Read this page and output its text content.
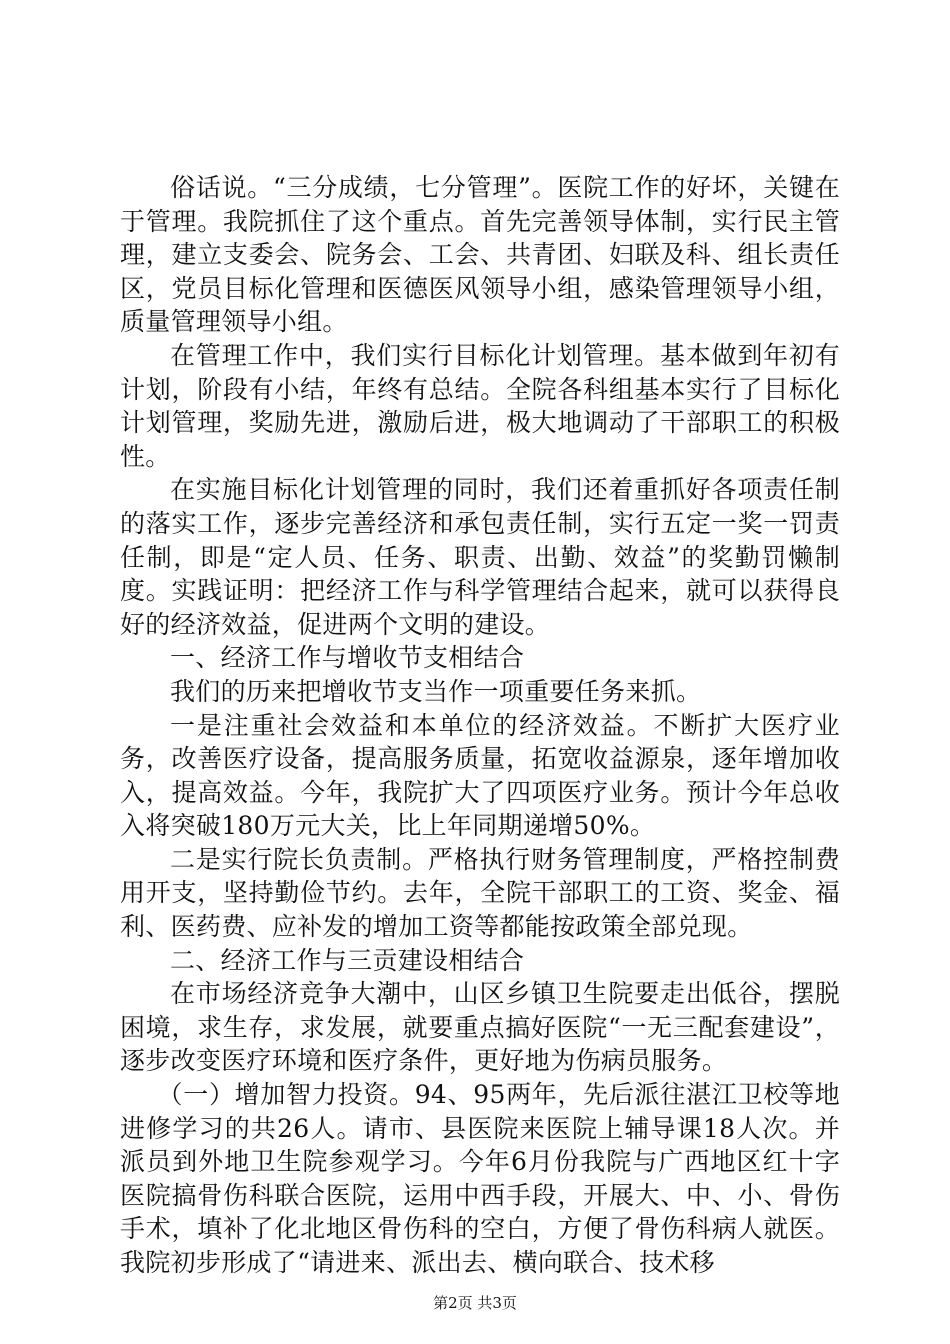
俗话说。“三分成绩，七分管理”。医院工作的好坏，关键在于管理。我院抓住了这个重点。首先完善领导体制，实行民主管理，建立支委会、院务会、工会、共青团、妇联及科、组长责任区，党员目标化管理和医德医风领导小组，感染管理领导小组，质量管理领导小组。

在管理工作中，我们实行目标化计划管理。基本做到年初有计划，阶段有小结，年终有总结。全院各科组基本实行了目标化计划管理，奖励先进，激励后进，极大地调动了干部职工的积极性。

在实施目标化计划管理的同时，我们还着重抓好各项责任制的落实工作，逐步完善经济和承包责任制，实行五定一奖一罚责任制，即是“定人员、任务、职责、出勤、效益”的奖勤罚懒制度。实践证明：把经济工作与科学管理结合起来，就可以获得良好的经济效益，促进两个文明的建设。

一、经济工作与增收节支相结合

我们的历来把增收节支当作一项重要任务来抓。

一是注重社会效益和本单位的经济效益。不断扩大医疗业务，改善医疗设备，提高服务质量，拓宽收益源泉，逐年增加收入，提高效益。今年，我院扩大了四项医疗业务。预计今年总收入将突破180万元大关，比上年同期递增50%。

二是实行院长负责制。严格执行财务管理制度，严格控制费用开支，坚持勤俭节约。去年，全院干部职工的工资、奖金、福利、医药费、应补发的增加工资等都能按政策全部兑现。

二、经济工作与三贡建设相结合

在市场经济竞争大潮中，山区乡镇卫生院要走出低谷，摆脱困境，求生存，求发展，就要重点搞好医院“一无三配套建设”，逐步改变医疗环境和医疗条件，更好地为伤病员服务。

（一）增加智力投资。94、95两年，先后派往湛江卫校等地进修学习的共26人。请市、县医院来医院上辅导课18人次。并派员到外地卫生院参观学习。今年6月份我院与广西地区红十字医院搞骨伤科联合医院，运用中西手段，开展大、中、小、骨伤手术，填补了化北地区骨伤科的空白，方便了骨伤科病人就医。我院初步形成了“请进来、派出去、横向联合、技术移

第2页 共3页
